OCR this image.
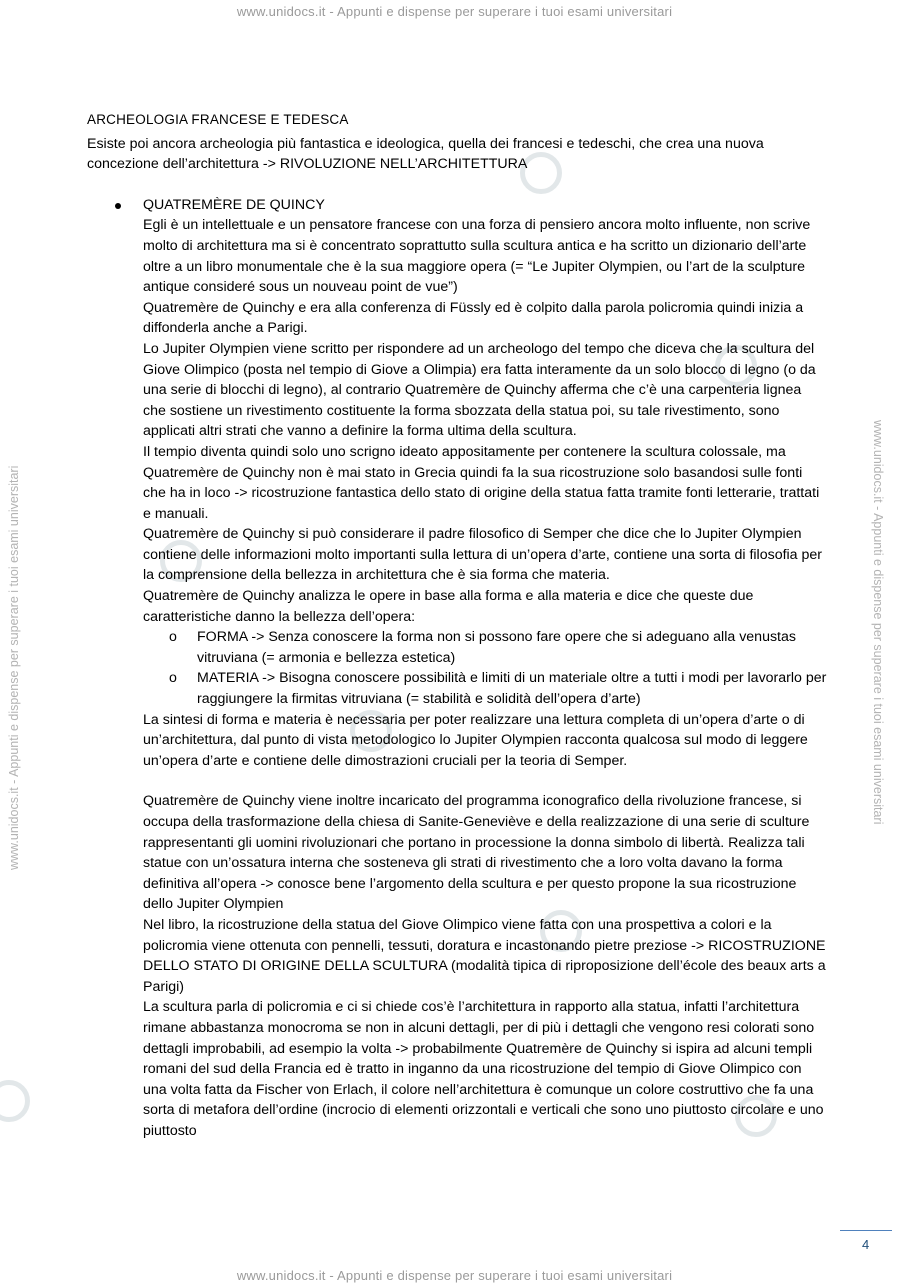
www.unidocs.it - Appunti e dispense per superare i tuoi esami universitari
www.unidocs.it - Appunti e dispense per superare i tuoi esami universitari	www.unidocs.it - Appunti e dispense per superare i tuoi esami universitari

ARCHEOLOGIA FRANCESE E TEDESCA

Esiste poi ancora archeologia più fantastica e ideologica, quella dei francesi e tedeschi, che crea una nuova concezione dell’architettura -> RIVOLUZIONE NELL’ARCHITETTURA

QUATREMÈRE DE QUINCY

Egli è un intellettuale e un pensatore francese con una forza di pensiero ancora molto influente, non scrive molto di architettura ma si è concentrato soprattutto sulla scultura antica e ha scritto un dizionario dell’arte oltre a un libro monumentale che è la sua maggiore opera (= “Le Jupiter Olympien, ou l’art de la sculpture antique consideré sous un nouveau point de vue”)

Quatremère de Quinchy e era alla conferenza di Füssly ed è colpito dalla parola policromia quindi inizia a diffonderla anche a Parigi.

Lo Jupiter Olympien viene scritto per rispondere ad un archeologo del tempo che diceva che la scultura del Giove Olimpico (posta nel tempio di Giove a Olimpia) era fatta interamente da un solo blocco di legno (o da una serie di blocchi di legno), al contrario Quatremère de Quinchy afferma che c’è una carpenteria lignea che sostiene un rivestimento costituente la forma sbozzata della statua poi, su tale rivestimento, sono applicati altri strati che vanno a definire la forma ultima della scultura.

Il tempio diventa quindi solo uno scrigno ideato appositamente per contenere la scultura colossale, ma Quatremère de Quinchy non è mai stato in Grecia quindi fa la sua ricostruzione solo basandosi sulle fonti che ha in loco -> ricostruzione fantastica dello stato di origine della statua fatta tramite fonti letterarie, trattati e manuali.

Quatremère de Quinchy si può considerare il padre filosofico di Semper che dice che lo Jupiter Olympien contiene delle informazioni molto importanti sulla lettura di un’opera d’arte, contiene una sorta di filosofia per la comprensione della bellezza in architettura che è sia forma che materia.

Quatremère de Quinchy analizza le opere in base alla forma e alla materia e dice che queste due caratteristiche danno la bellezza dell’opera:

o FORMA -> Senza conoscere la forma non si possono fare opere che si adeguano alla venustas vitruviana (= armonia e bellezza estetica)
o MATERIA -> Bisogna conoscere possibilità e limiti di un materiale oltre a tutti i modi per lavorarlo per raggiungere la firmitas vitruviana (= stabilità e solidità dell’opera d’arte)

La sintesi di forma e materia è necessaria per poter realizzare una lettura completa di un’opera d’arte o di un’architettura, dal punto di vista metodologico lo Jupiter Olympien racconta qualcosa sul modo di leggere un’opera d’arte e contiene delle dimostrazioni cruciali per la teoria di Semper.

Quatremère de Quinchy viene inoltre incaricato del programma iconografico della rivoluzione francese, si occupa della trasformazione della chiesa di Sanite-Geneviève e della realizzazione di una serie di sculture rappresentanti gli uomini rivoluzionari che portano in processione la donna simbolo di libertà. Realizza tali statue con un’ossatura interna che sosteneva gli strati di rivestimento che a loro volta davano la forma definitiva all’opera -> conosce bene l’argomento della scultura e per questo propone la sua ricostruzione dello Jupiter Olympien

Nel libro, la ricostruzione della statua del Giove Olimpico viene fatta con una prospettiva a colori e la policromia viene ottenuta con pennelli, tessuti, doratura e incastonando pietre preziose -> RICOSTRUZIONE DELLO STATO DI ORIGINE DELLA SCULTURA (modalità tipica di riproposizione dell’école des beaux arts a Parigi)

La scultura parla di policromia e ci si chiede cos’è l’architettura in rapporto alla statua, infatti l’architettura rimane abbastanza monocroma se non in alcuni dettagli, per di più i dettagli che vengono resi colorati sono dettagli improbabili, ad esempio la volta -> probabilmente Quatremère de Quinchy si ispira ad alcuni templi romani del sud della Francia ed è tratto in inganno da una ricostruzione del tempio di Giove Olimpico con una volta fatta da Fischer von Erlach, il colore nell’architettura è comunque un colore costruttivo che fa una sorta di metafora dell’ordine (incrocio di elementi orizzontali e verticali che sono uno piuttosto circolare e uno piuttosto

4
www.unidocs.it - Appunti e dispense per superare i tuoi esami universitari
